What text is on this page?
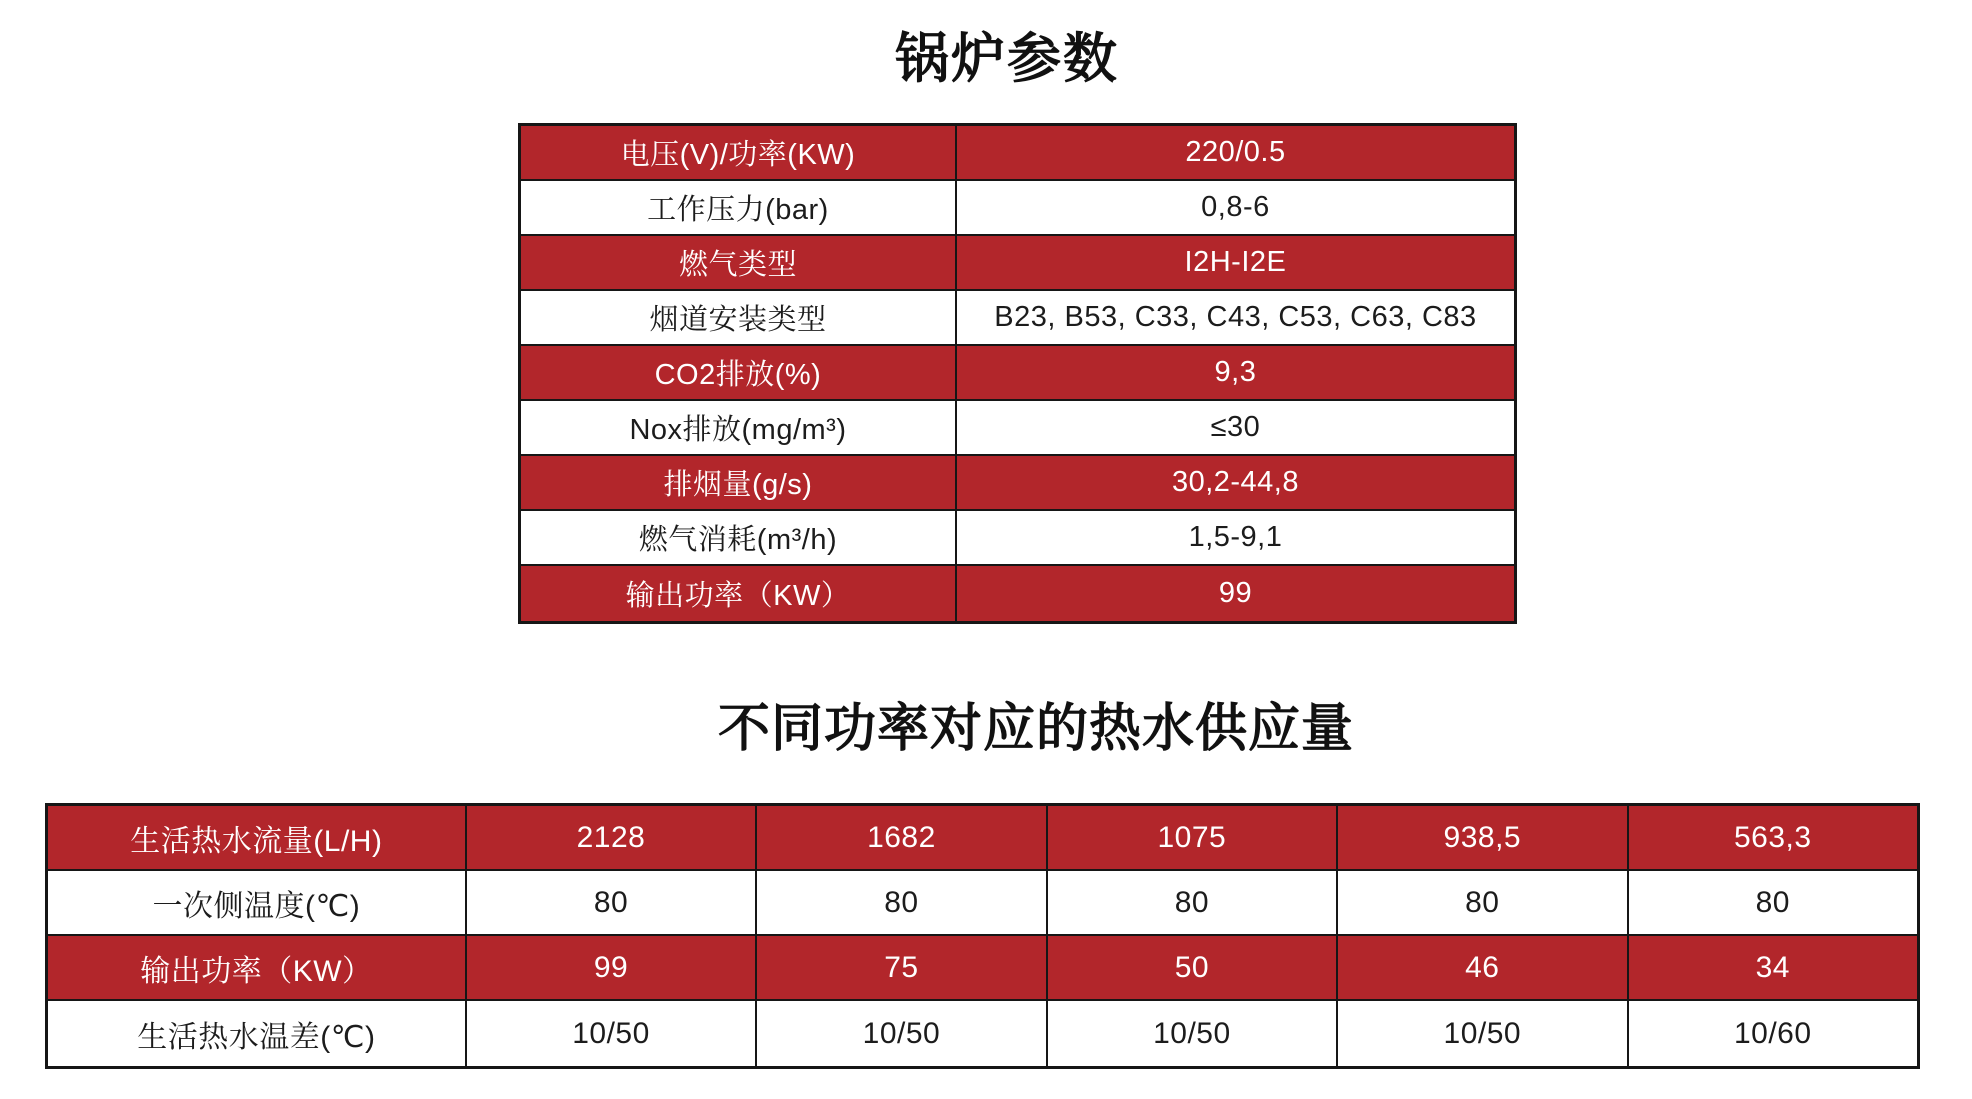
锅炉参数
电压(V)/功率(KW)	220/0.5
工作压力(bar)	0,8-6
燃气类型	I2H-I2E
烟道安装类型	B23, B53, C33, C43, C53, C63, C83
CO2排放(%)	9,3
Nox排放(mg/m³)	≤30
排烟量(g/s)	30,2-44,8
燃气消耗(m³/h)	1,5-9,1
输出功率（KW）	99
不同功率对应的热水供应量
生活热水流量(L/H)	2128	1682	1075	938,5	563,3
一次侧温度(℃)	80	80	80	80	80
输出功率（KW）	99	75	50	46	34
生活热水温差(℃)	10/50	10/50	10/50	10/50	10/60
